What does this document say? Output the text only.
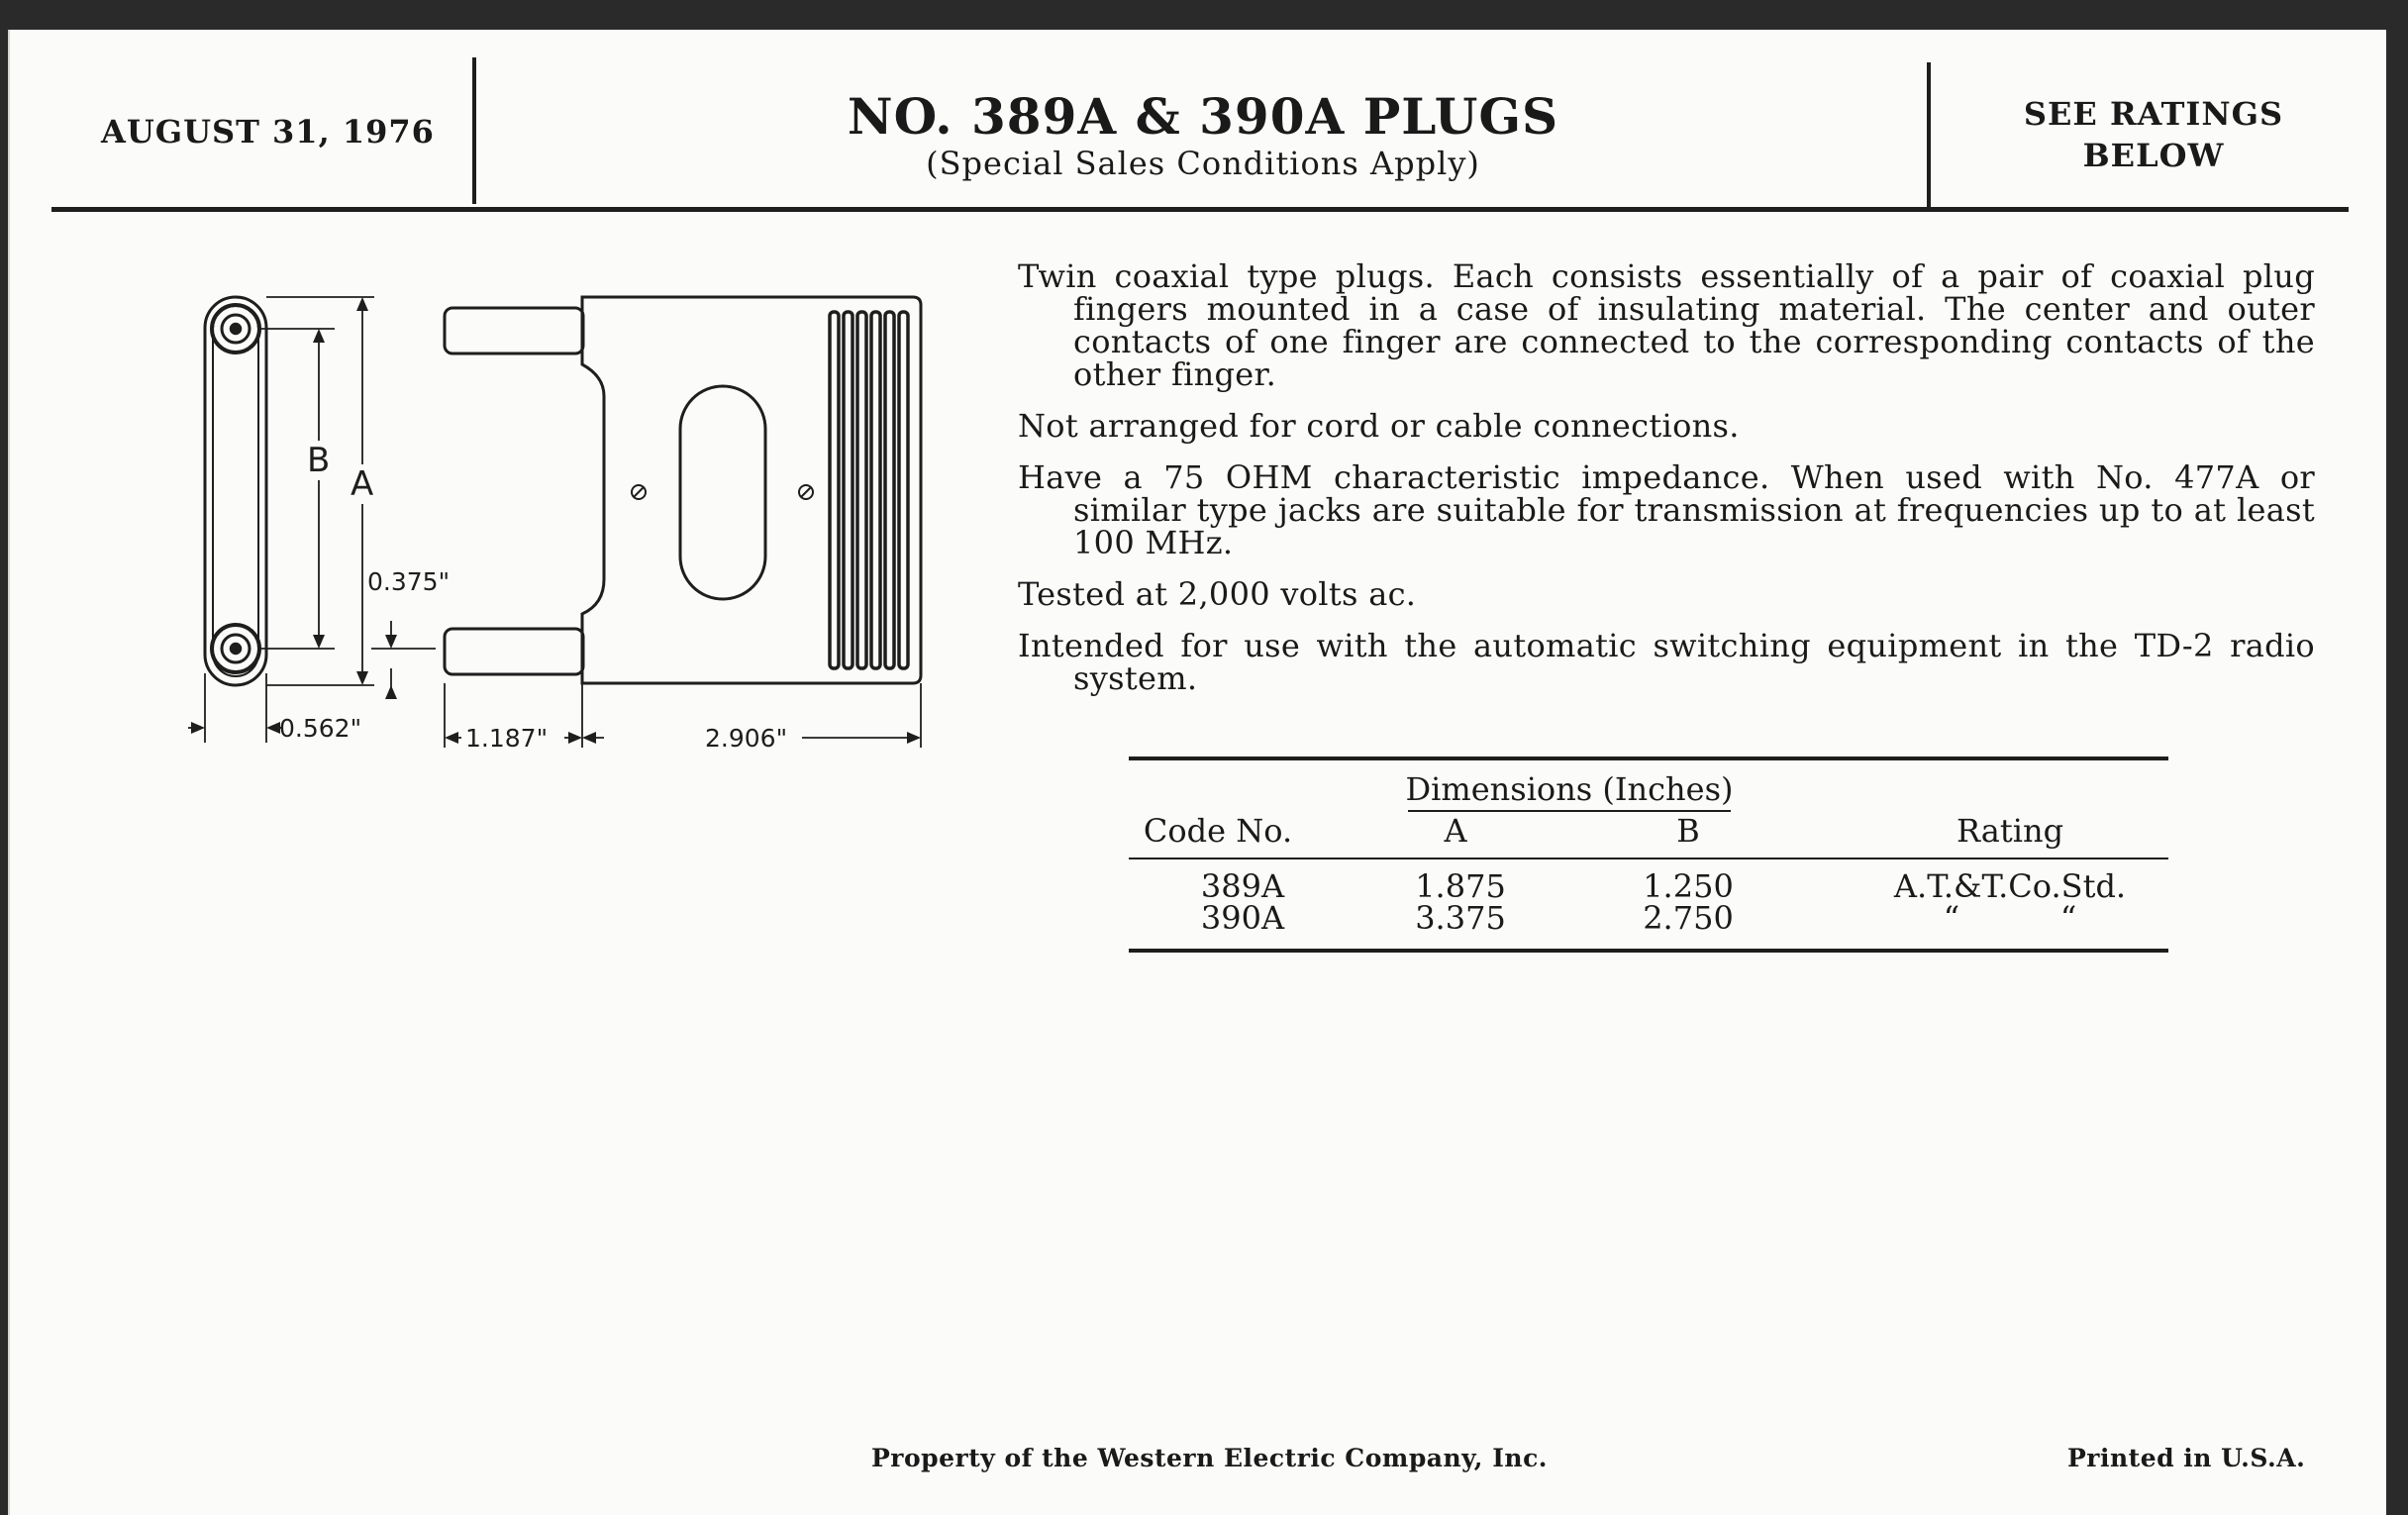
AUGUST 31, 1976	NO. 389A & 390A PLUGS
(Special Sales Conditions Apply)
SEE RATINGS
BELOW
B
A
0.375"
0.562"	1.187"	2.906"

Twin coaxial type plugs. Each consists essentially of a pair of coaxial plug fingers mounted in a case of insulating material. The center and outer contacts of one finger are connected to the corresponding contacts of the other finger.

Not arranged for cord or cable connections.

Have a 75 OHM characteristic impedance. When used with No. 477A or similar type jacks are suitable for transmission at frequencies up to at least 100 MHz.

Tested at 2,000 volts ac.

Intended for use with the automatic switching equipment in the TD-2 radio system.

Dimensions (Inches)
Code No.	A	B	Rating
389A	1.875	1.250	A.T.&T.Co.Std.
390A	3.375	2.750	“          “
Property of the Western Electric Company, Inc.	Printed in U.S.A.
